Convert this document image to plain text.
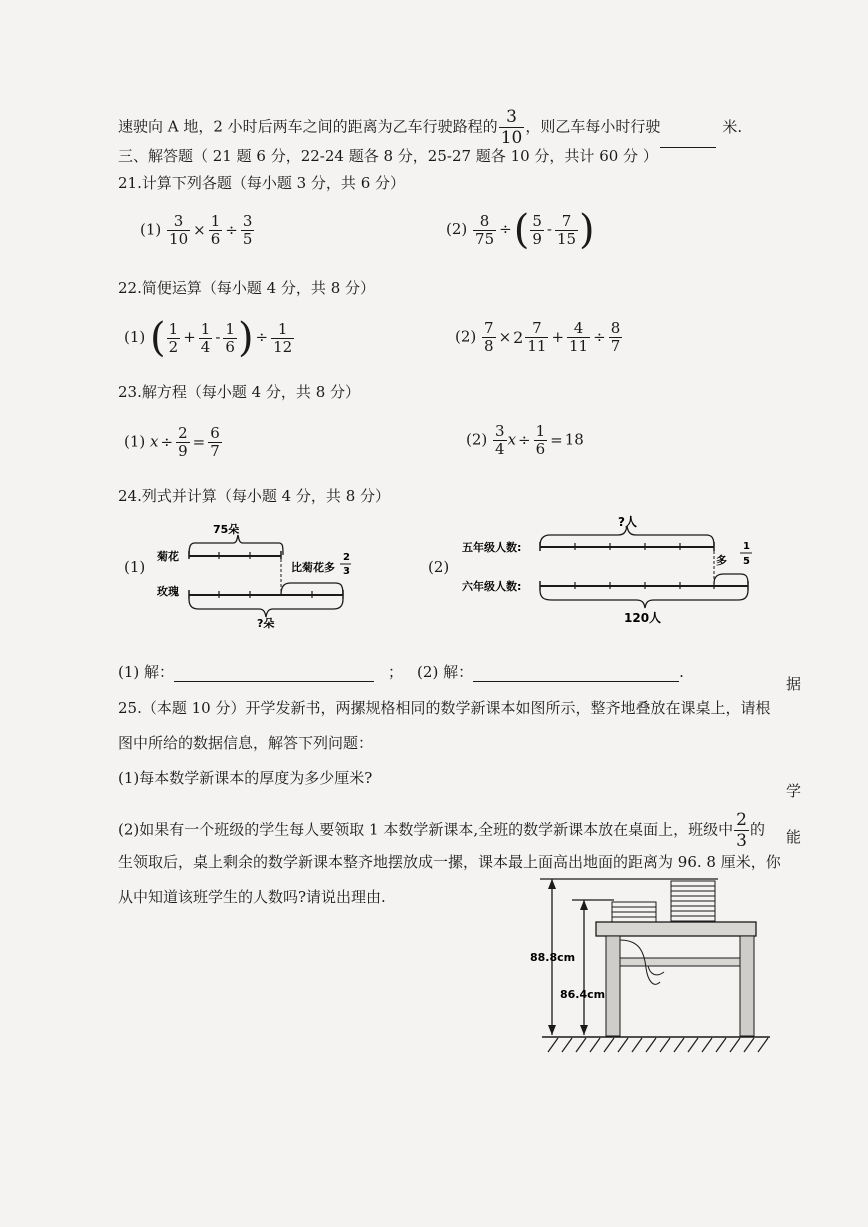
速驶向 A 地，2 小时后两车之间的距离为乙车行驶路程的 $\frac{3}{10}$ ，则乙车每小时行驶	米.
三、解答题（ 21 题 6 分，22-24 题各 8 分，25-27 题各 10 分，共计 60 分 ）
21.计算下列各题（每小题 3 分，共 6 分）
$(1) \frac{3}{10} \times \frac{1}{6} \div \frac{3}{5}$	$(2) \frac{8}{75}$ ÷( $\frac{5}{9} - \frac{7}{15}$ )
22.简便运算（每小题 4 分，共 8 分）
(1) ( $\frac{1}{2} + \frac{1}{4} - \frac{1}{6}$ ) ÷ $\frac{1}{12}$	$(2) \frac{7}{8} \times 2 \frac{7}{11} + \frac{4}{11} \div \frac{8}{7}$
23.解方程（每小题 4 分，共 8 分）
(1) $x \div \frac{2}{9} = \frac{6}{7}$	$(2) \frac{3}{4}$ $x \div \frac{1}{6} = 18$
24.列式并计算（每小题 4 分，共 8 分）
(1)	(2)
75朵
菊花
比菊花多
2
3
玫瑰
?朵
?人
五年级人数:
多
1
5
六年级人数:
120人
(1) 解：	； (2) 解：	.
25.（本题 10 分）开学发新书，两摞规格相同的数学新课本如图所示，整齐地叠放在课桌上，请根
图中所给的数据信息，解答下列问题：
(1)每本数学新课本的厚度为多少厘米?
(2)如果有一个班级的学生每人要领取 1 本数学新课本,全班的数学新课本放在桌面上，班级中 $\frac{2}{3}$ 的
生领取后，桌上剩余的数学新课本整齐地摆放成一摞，课本最上面高出地面的距离为 96. 8 厘米，你
从中知道该班学生的人数吗?请说出理由.
88.8cm
86.4cm
据
学
能
